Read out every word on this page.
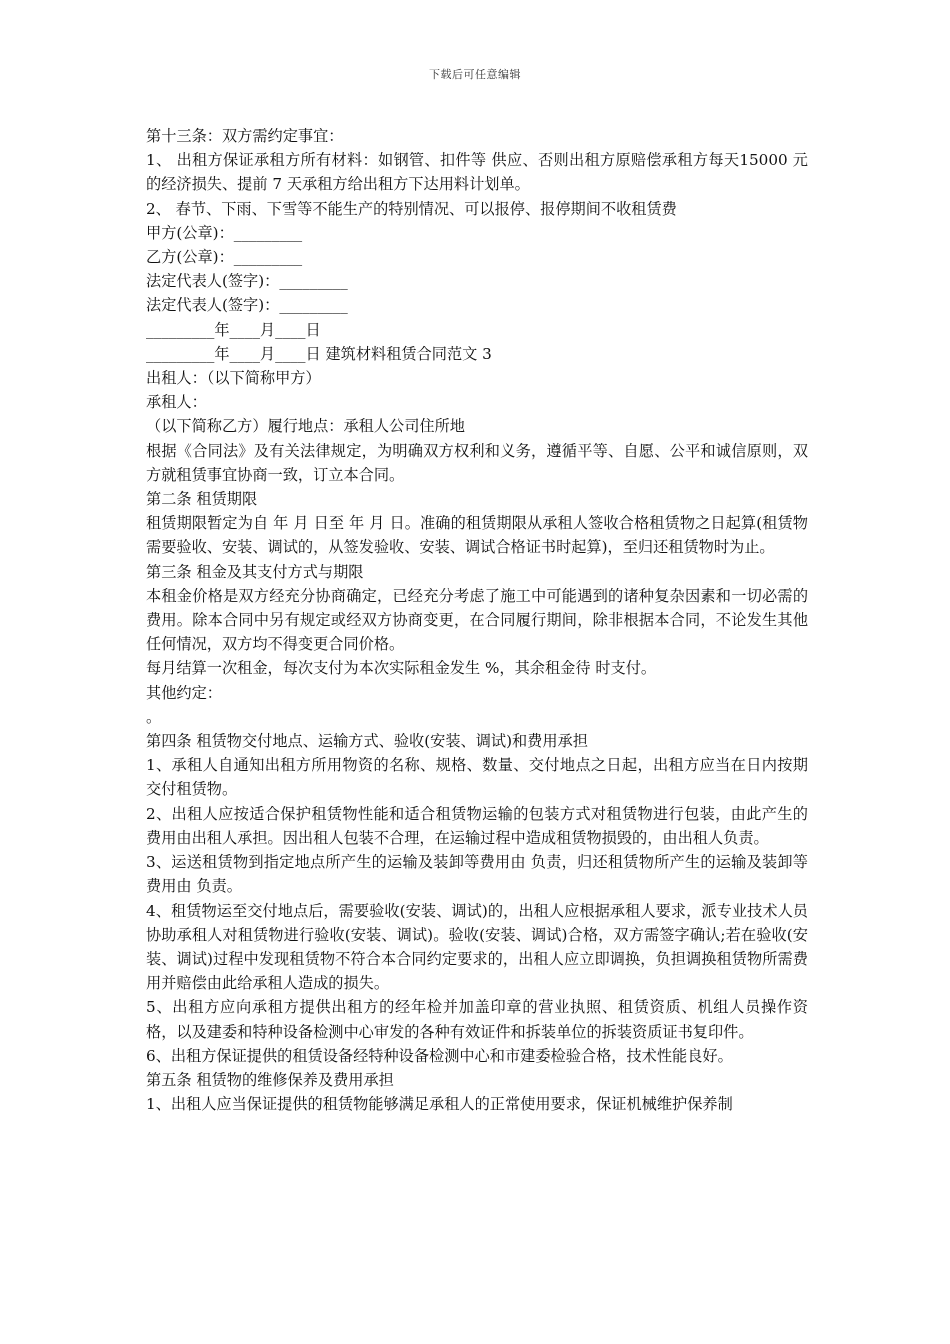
下载后可任意编辑

第十三条：双方需约定事宜：

1、 出租方保证承租方所有材料：如钢管、扣件等 供应、否则出租方原赔偿承租方每天15000 元的经济损失、提前 7 天承租方给出租方下达用料计划单。

2、 春节、下雨、下雪等不能生产的特别情况、可以报停、报停期间不收租赁费

甲方(公章)：_________

乙方(公章)：_________

法定代表人(签字)：_________

法定代表人(签字)：_________

_________年____月____日

_________年____月____日 建筑材料租赁合同范文 3

出租人：（以下简称甲方）

承租人：

（以下简称乙方）履行地点：承租人公司住所地

根据《合同法》及有关法律规定，为明确双方权利和义务，遵循平等、自愿、公平和诚信原则，双方就租赁事宜协商一致，订立本合同。

第二条 租赁期限

租赁期限暂定为自 年 月 日至 年 月 日。准确的租赁期限从承租人签收合格租赁物之日起算(租赁物需要验收、安装、调试的，从签发验收、安装、调试合格证书时起算)，至归还租赁物时为止。

第三条 租金及其支付方式与期限

本租金价格是双方经充分协商确定，已经充分考虑了施工中可能遇到的诸种复杂因素和一切必需的费用。除本合同中另有规定或经双方协商变更，在合同履行期间，除非根据本合同，不论发生其他任何情况，双方均不得变更合同价格。

每月结算一次租金，每次支付为本次实际租金发生 %，其余租金待 时支付。

其他约定：

。

第四条 租赁物交付地点、运输方式、验收(安装、调试)和费用承担

1、承租人自通知出租方所用物资的名称、规格、数量、交付地点之日起，出租方应当在日内按期交付租赁物。

2、出租人应按适合保护租赁物性能和适合租赁物运输的包装方式对租赁物进行包装，由此产生的费用由出租人承担。因出租人包装不合理，在运输过程中造成租赁物损毁的，由出租人负责。

3、运送租赁物到指定地点所产生的运输及装卸等费用由 负责，归还租赁物所产生的运输及装卸等费用由 负责。

4、租赁物运至交付地点后，需要验收(安装、调试)的，出租人应根据承租人要求，派专业技术人员协助承租人对租赁物进行验收(安装、调试)。验收(安装、调试)合格，双方需签字确认;若在验收(安装、调试)过程中发现租赁物不符合本合同约定要求的，出租人应立即调换，负担调换租赁物所需费用并赔偿由此给承租人造成的损失。

5、出租方应向承租方提供出租方的经年检并加盖印章的营业执照、租赁资质、机组人员操作资格，以及建委和特种设备检测中心审发的各种有效证件和拆装单位的拆装资质证书复印件。

6、出租方保证提供的租赁设备经特种设备检测中心和市建委检验合格，技术性能良好。

第五条 租赁物的维修保养及费用承担

1、出租人应当保证提供的租赁物能够满足承租人的正常使用要求，保证机械维护保养制
